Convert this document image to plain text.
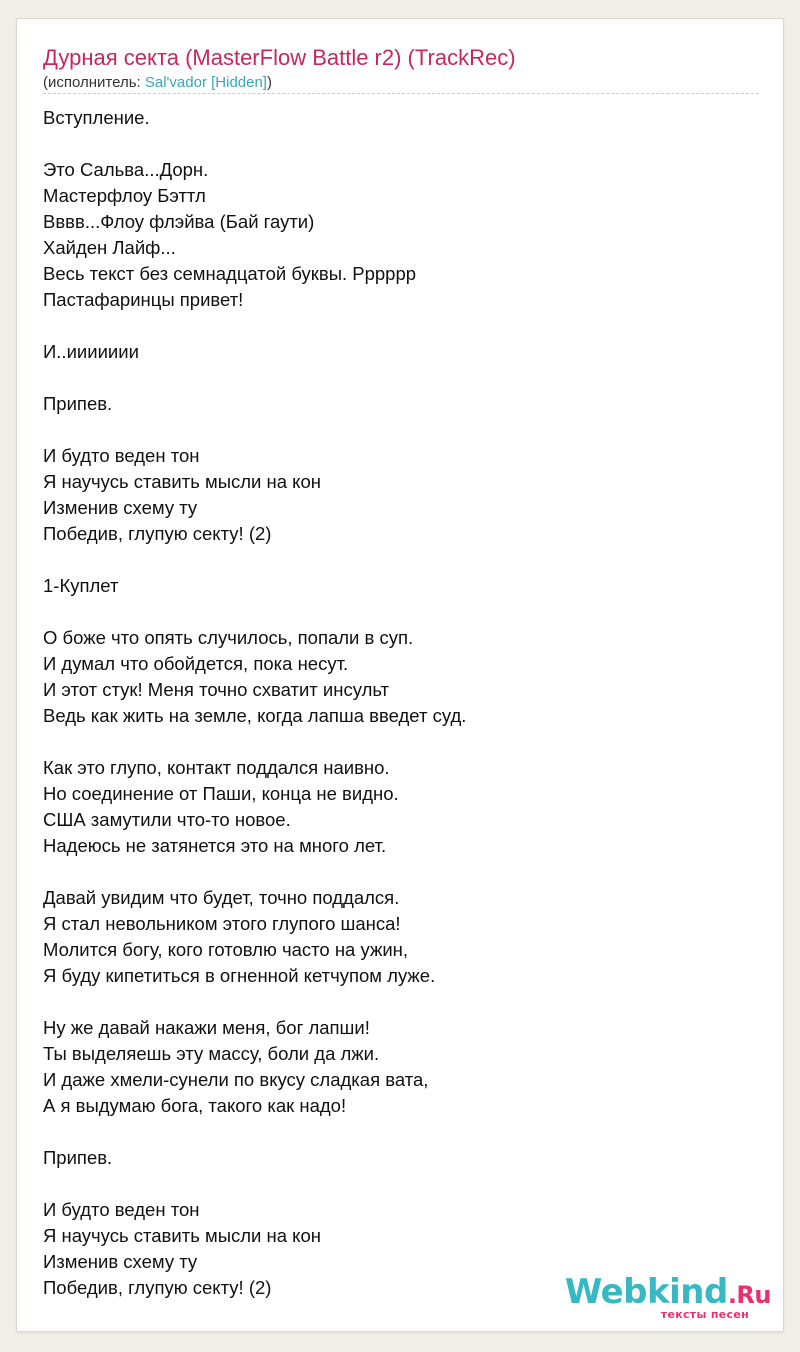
Дурная секта (MasterFlow Battle r2) (TrackRec)
(исполнитель: Sal'vador [Hidden])
Вступление.
Это Сальва...Дорн.
Мастерфлоу Бэттл
Вввв...Флоу флэйва (Бай гаути)
Хайден Лайф...
Весь текст без семнадцатой буквы. Рррррр
Пастафаринцы привет!
И..иииииии
Припев.
И будто веден тон
Я научусь ставить мысли на кон
Изменив схему ту
Победив, глупую секту! (2)
1-Куплет
О боже что опять случилось, попали в суп.
И думал что обойдется, пока несут.
И этот стук! Меня точно схватит инсульт
Ведь как жить на земле, когда лапша введет суд.
Как это глупо, контакт поддался наивно.
Но соединение от Паши, конца не видно.
США замутили что-то новое.
Надеюсь не затянется это на много лет.
Давай увидим что будет, точно поддался.
Я стал невольником этого глупого шанса!
Молится богу, кого готовлю часто на ужин,
Я буду кипетиться в огненной кетчупом луже.
Ну же давай накажи меня, бог лапши!
Ты выделяешь эту массу, боли да лжи.
И даже хмели-сунели по вкусу сладкая вата,
А я выдумаю бога, такого как надо!
Припев.
И будто веден тон
Я научусь ставить мысли на кон
Изменив схему ту
Победив, глупую секту! (2)	Webkind.Ru
тексты песен
